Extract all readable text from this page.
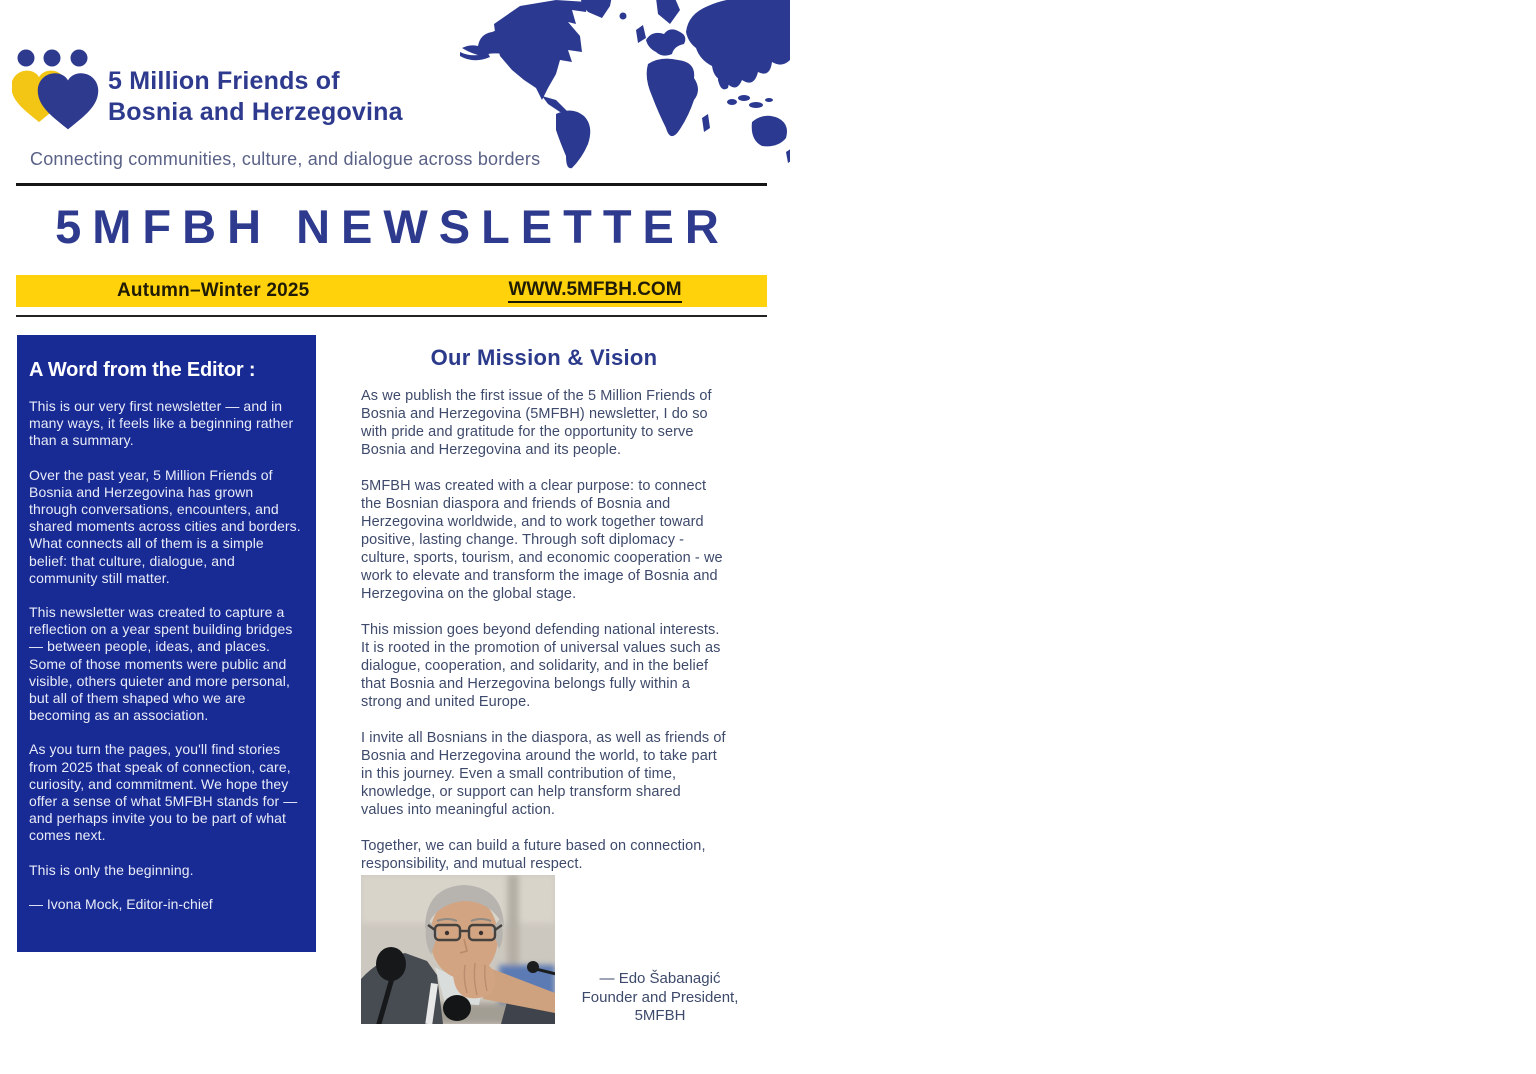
5 Million Friends of
Bosnia and Herzegovina
Connecting communities, culture, and dialogue across borders
5MFBH NEWSLETTER
Autumn–Winter 2025	WWW.5MFBH.COM
A Word from the Editor :

This is our very first newsletter — and in many ways, it feels like a beginning rather than a summary.

Over the past year, 5 Million Friends of Bosnia and Herzegovina has grown through conversations, encounters, and shared moments across cities and borders. What connects all of them is a simple belief: that culture, dialogue, and community still matter.

This newsletter was created to capture a reflection on a year spent building bridges — between people, ideas, and places. Some of those moments were public and visible, others quieter and more personal, but all of them shaped who we are becoming as an association.

As you turn the pages, you'll find stories from 2025 that speak of connection, care, curiosity, and commitment. We hope they offer a sense of what 5MFBH stands for — and perhaps invite you to be part of what comes next.

This is only the beginning.

— Ivona Mock, Editor-in-chief
Our Mission & Vision

As we publish the first issue of the 5 Million Friends of Bosnia and Herzegovina (5MFBH) newsletter, I do so with pride and gratitude for the opportunity to serve Bosnia and Herzegovina and its people.

5MFBH was created with a clear purpose: to connect the Bosnian diaspora and friends of Bosnia and Herzegovina worldwide, and to work together toward positive, lasting change. Through soft diplomacy - culture, sports, tourism, and economic cooperation - we work to elevate and transform the image of Bosnia and Herzegovina on the global stage.

This mission goes beyond defending national interests. It is rooted in the promotion of universal values such as dialogue, cooperation, and solidarity, and in the belief that Bosnia and Herzegovina belongs fully within a strong and united Europe.

I invite all Bosnians in the diaspora, as well as friends of Bosnia and Herzegovina around the world, to take part in this journey. Even a small contribution of time, knowledge, or support can help transform shared values into meaningful action.

Together, we can build a future based on connection, responsibility, and mutual respect.

— Edo Šabanagić
Founder and President,
5MFBH
